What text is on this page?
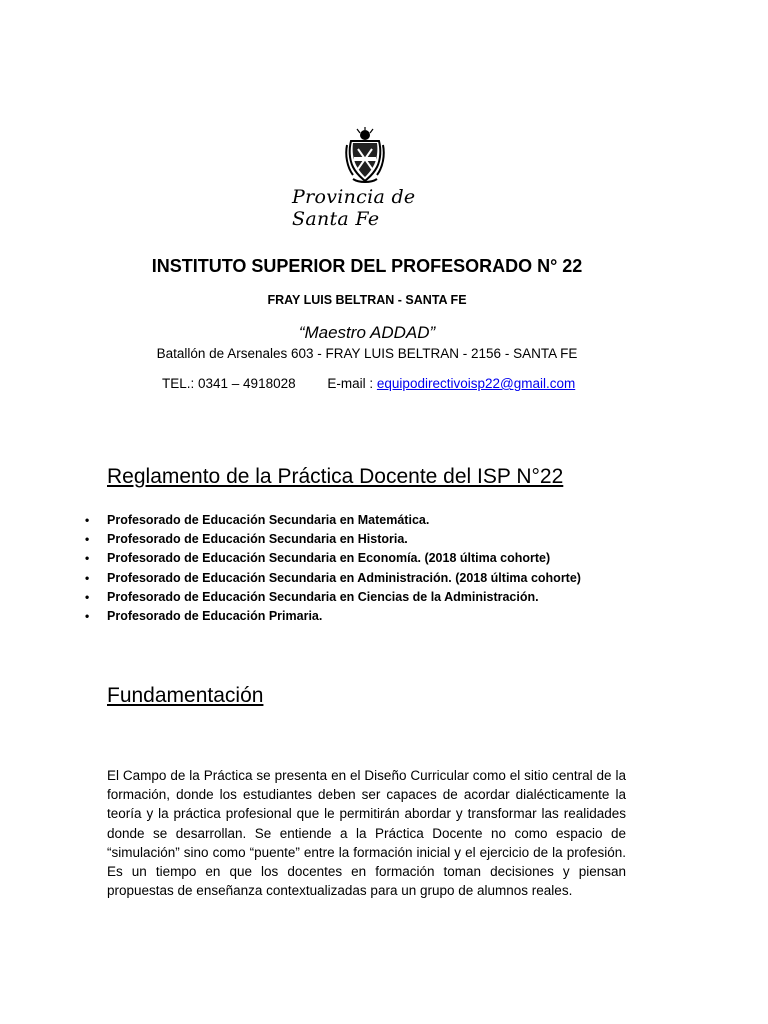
Provincia de Santa Fe
INSTITUTO SUPERIOR DEL PROFESORADO N° 22
FRAY LUIS BELTRAN - SANTA FE
“Maestro ADDAD”
Batallón de Arsenales 603 - FRAY LUIS BELTRAN - 2156 - SANTA FE
TEL.: 0341 – 4918028 E-mail : equipodirectivoisp22@gmail.com
Reglamento de la Práctica Docente del ISP N°22
• Profesorado de Educación Secundaria en Matemática.
• Profesorado de Educación Secundaria en Historia.
• Profesorado de Educación Secundaria en Economía. (2018 última cohorte)
• Profesorado de Educación Secundaria en Administración. (2018 última cohorte)
• Profesorado de Educación Secundaria en Ciencias de la Administración.
• Profesorado de Educación Primaria.
Fundamentación

El Campo de la Práctica se presenta en el Diseño Curricular como el sitio central de la formación, donde los estudiantes deben ser capaces de acordar dialécticamente la teoría y la práctica profesional que le permitirán abordar y transformar las realidades donde se desarrollan. Se entiende a la Práctica Docente no como espacio de “simulación” sino como “puente” entre la formación inicial y el ejercicio de la profesión. Es un tiempo en que los docentes en formación toman decisiones y piensan propuestas de enseñanza contextualizadas para un grupo de alumnos reales.
